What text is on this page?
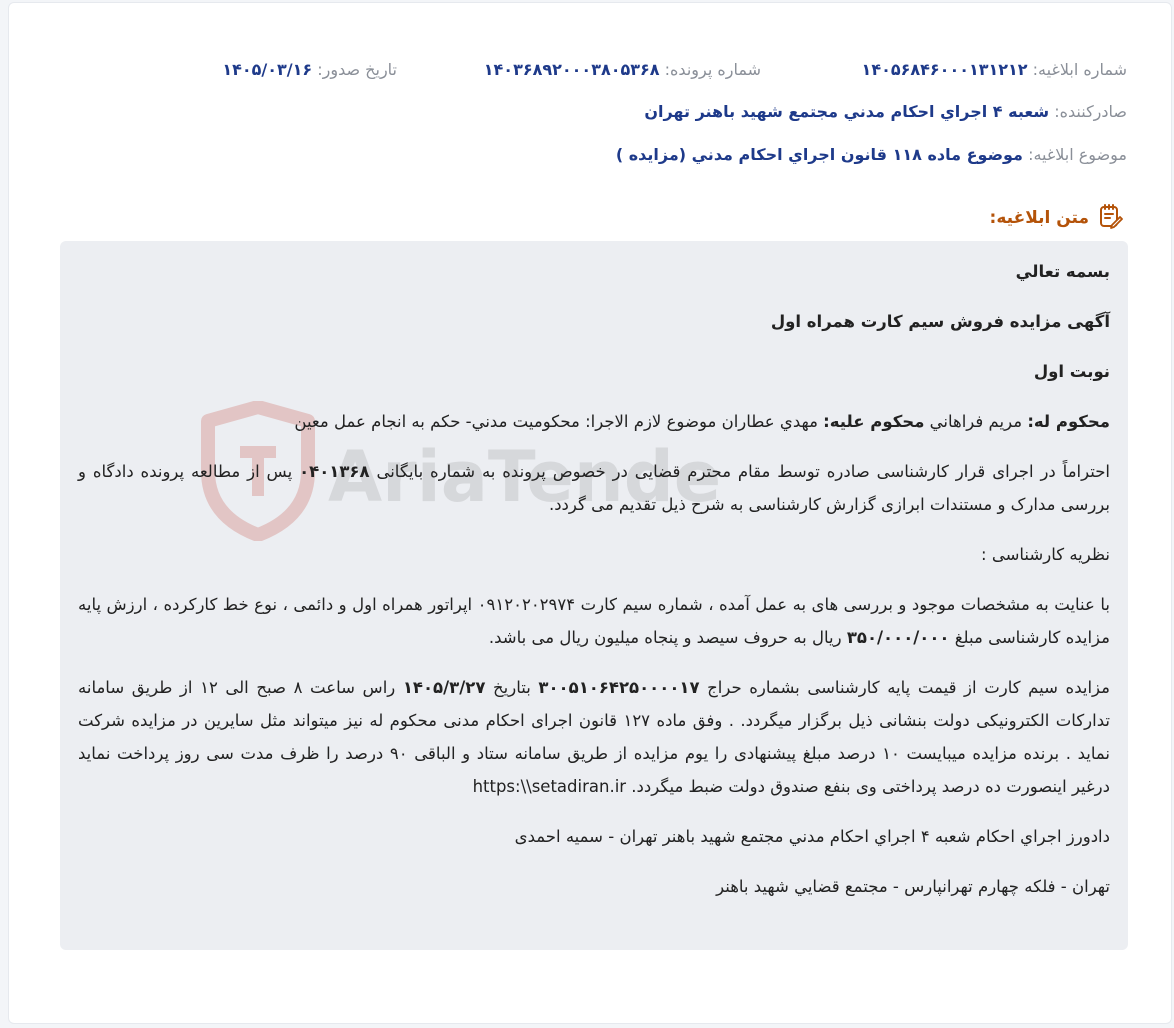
شماره ابلاغيه: ۱۴۰۵۶۸۴۶۰۰۰۱۳۱۲۱۲
شماره پرونده: ۱۴۰۳۶۸۹۲۰۰۰۳۸۰۵۳۶۸
تاریخ صدور: ۱۴۰۵/۰۳/۱۶
صادرکننده: شعبه ۴ اجراي احکام مدني مجتمع شهيد باهنر تهران
موضوع ابلاغيه: موضوع ماده ۱۱۸ قانون اجراي احکام مدني (مزايده )
متن ابلاغيه:
AriaTende

بسمه تعالي

آگهی مزایده فروش سیم کارت همراه اول

نوبت اول

محکوم له: مريم فراهاني محکوم عليه: مهدي عطاران موضوع لازم الاجرا: محکوميت مدني- حکم به انجام عمل معين

احتراماً در اجرای قرار کارشناسی صادره توسط مقام محترم قضایی در خصوص پرونده به شماره بایگانی ۰۴۰۱۳۶۸ پس از مطالعه پرونده دادگاه و بررسی مدارک و مستندات ابرازی گزارش کارشناسی به شرح ذیل تقدیم می گردد.

نظریه کارشناسی :

با عنایت به مشخصات موجود و بررسی های به عمل آمده ، شماره سیم کارت ۰۹۱۲۰۲۰۲۹۷۴ اپراتور همراه اول و دائمی ، نوع خط کارکرده ، ارزش پایه مزایده کارشناسی مبلغ ۳۵۰/۰۰۰/۰۰۰ ریال به حروف سیصد و پنجاه میلیون ریال می باشد.

مزایده سیم کارت از قیمت پایه کارشناسی بشماره حراج ۳۰۰۵۱۰۶۴۲۵۰۰۰۰۱۷ بتاریخ ۱۴۰۵/۳/۲۷ راس ساعت ۸ صبح الی ۱۲ از طریق سامانه تدارکات الکترونیکی دولت بنشانی ذیل برگزار میگردد. . وفق ماده ۱۲۷ قانون اجرای احکام مدنی محکوم له نیز میتواند مثل سایرین در مزایده شرکت نماید . برنده مزایده میبایست ۱۰ درصد مبلغ پیشنهادی را یوم مزایده از طریق سامانه ستاد و الباقی ۹۰ درصد را ظرف مدت سی روز پرداخت نماید درغیر اینصورت ده درصد پرداختی وی بنفع صندوق دولت ضبط میگردد. https:\\setadiran.ir

دادورز اجراي احکام شعبه ۴ اجراي احکام مدني مجتمع شهيد باهنر تهران - سميه احمدی

تهران - فلکه چهارم تهرانپارس - مجتمع قضايي شهيد باهنر
